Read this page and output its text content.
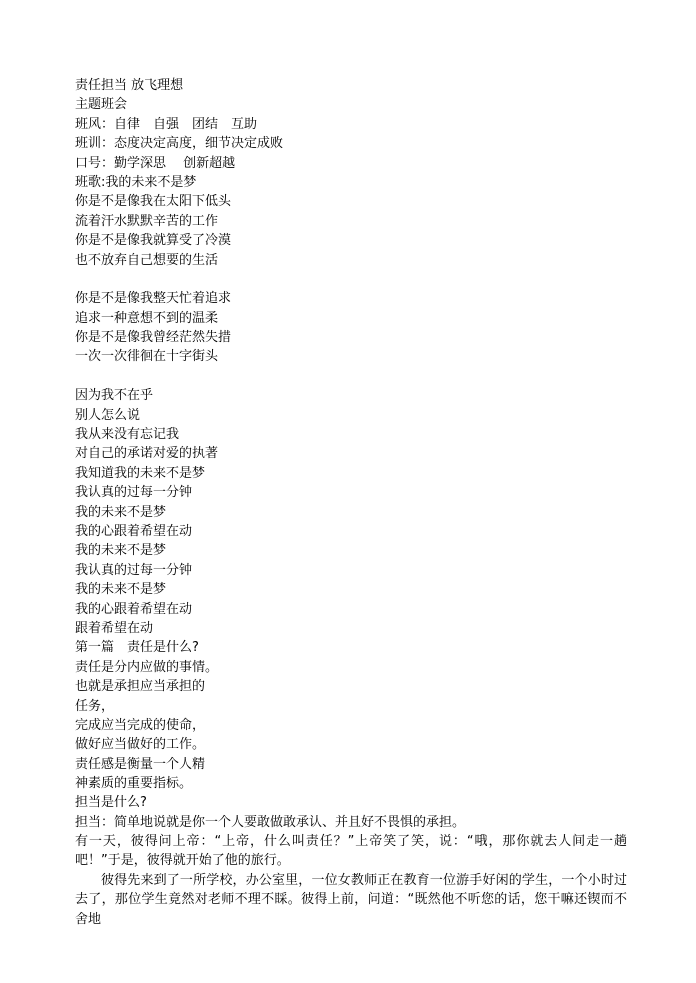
责任担当 放飞理想
主题班会
班风：自律　自强　团结　互助
班训：态度决定高度，细节决定成败
口号：勤学深思　 创新超越
班歌:我的未来不是梦
你是不是像我在太阳下低头
流着汗水默默辛苦的工作
你是不是像我就算受了冷漠
也不放弃自己想要的生活
你是不是像我整天忙着追求
追求一种意想不到的温柔
你是不是像我曾经茫然失措
一次一次徘徊在十字街头
因为我不在乎
别人怎么说
我从来没有忘记我
对自己的承诺对爱的执著
我知道我的未来不是梦
我认真的过每一分钟
我的未来不是梦
我的心跟着希望在动
我的未来不是梦
我认真的过每一分钟
我的未来不是梦
我的心跟着希望在动
跟着希望在动
第一篇　责任是什么?
责任是分内应做的事情。
也就是承担应当承担的
任务，
完成应当完成的使命，
做好应当做好的工作。
责任感是衡量一个人精
神素质的重要指标。
担当是什么?
担当：简单地说就是你一个人要敢做敢承认、并且好不畏惧的承担。
有一天，彼得问上帝：“上帝，什么叫责任？”上帝笑了笑，说：“哦，那你就去人间走一趟吧！”于是，彼得就开始了他的旅行。
彼得先来到了一所学校，办公室里，一位女教师正在教育一位游手好闲的学生，一个小时过去了，那位学生竟然对老师不理不睬。彼得上前，问道：“既然他不听您的话，您干嘛还锲而不舍地
